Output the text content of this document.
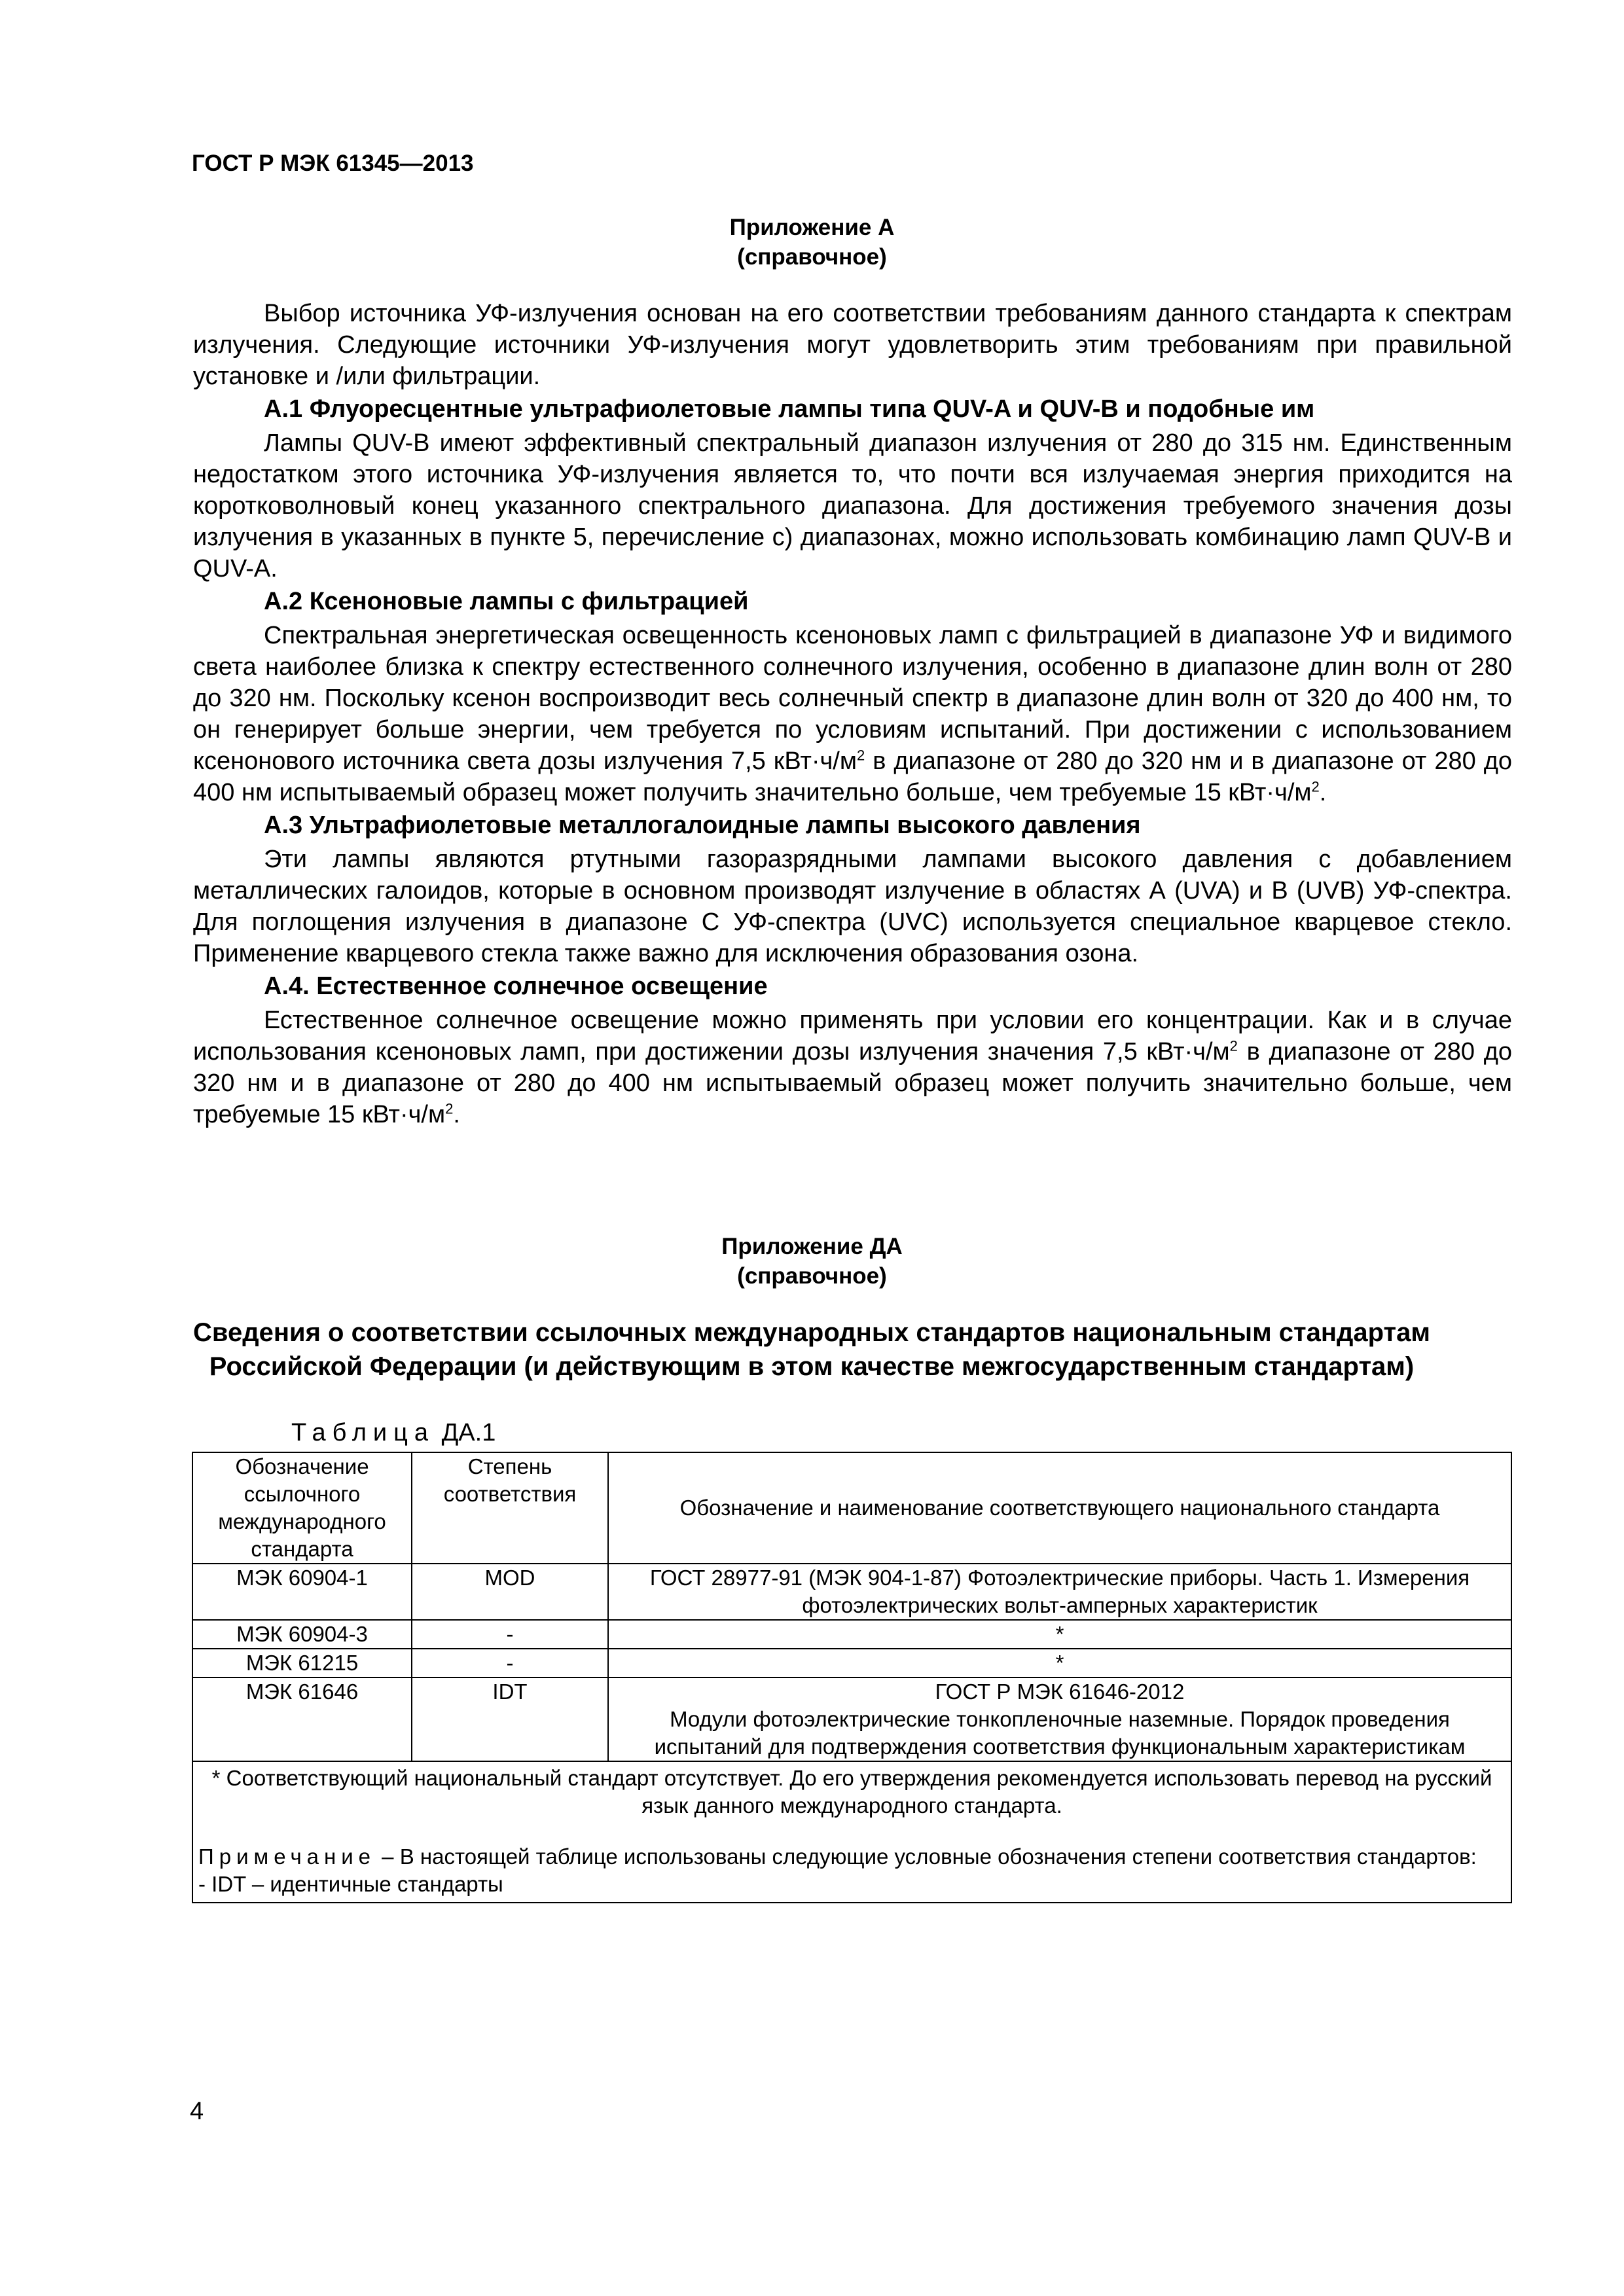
ГОСТ Р МЭК 61345—2013
Приложение А
(справочное)

Выбор источника УФ-излучения основан на его соответствии требованиям данного стандарта к спектрам излучения. Следующие источники УФ-излучения могут удовлетворить этим требованиям при правильной установке и /или фильтрации.

А.1 Флуоресцентные ультрафиолетовые лампы типа QUV-A и QUV-B и подобные им

Лампы QUV-B имеют эффективный спектральный диапазон излучения от 280 до 315 нм. Единственным недостатком этого источника УФ-излучения является то, что почти вся излучаемая энергия приходится на коротковолновый конец указанного спектрального диапазона. Для достижения требуемого значения дозы излучения в указанных в пункте 5, перечисление с) диапазонах, можно использовать комбинацию ламп QUV-B и QUV-A.

А.2 Ксеноновые лампы с фильтрацией

Спектральная энергетическая освещенность ксеноновых ламп с фильтрацией в диапазоне УФ и видимого света наиболее близка к спектру естественного солнечного излучения, особенно в диапазоне длин волн от 280 до 320 нм. Поскольку ксенон воспроизводит весь солнечный спектр в диапазоне длин волн от 320 до 400 нм, то он генерирует больше энергии, чем требуется по условиям испытаний. При достижении с использованием ксенонового источника света дозы излучения 7,5 $кВт\cdot ч/м^2$ в диапазоне от 280 до 320 нм и в диапазоне от 280 до 400 нм испытываемый образец может получить значительно больше, чем требуемые 15 $кВт\cdot ч/м^2$.

А.3 Ультрафиолетовые металлогалоидные лампы высокого давления

Эти лампы являются ртутными газоразрядными лампами высокого давления с добавлением металлических галоидов, которые в основном производят излучение в областях А (UVA) и В (UVB) УФ-спектра. Для поглощения излучения в диапазоне С УФ-спектра (UVC) используется специальное кварцевое стекло. Применение кварцевого стекла также важно для исключения образования озона.

А.4. Естественное солнечное освещение

Естественное солнечное освещение можно применять при условии его концентрации. Как и в случае использования ксеноновых ламп, при достижении дозы излучения значения 7,5 $кВт\cdot ч/м^2$ в диапазоне от 280 до 320 нм и в диапазоне от 280 до 400 нм испытываемый образец может получить значительно больше, чем требуемые 15 $кВт\cdot ч/м^2$.

Приложение ДА
(справочное)
Сведения о соответствии ссылочных международных стандартов национальным стандартам
Российской Федерации (и действующим в этом качестве межгосударственным стандартам)
Таблица ДА.1
Обозначение ссылочного международного стандарта	Степень соответствия	Обозначение и наименование соответствующего национального стандарта
МЭК 60904-1	MOD	ГОСТ 28977-91 (МЭК 904-1-87) Фотоэлектрические приборы. Часть 1. Измерения фотоэлектрических вольт-амперных характеристик
МЭК 60904-3	-	*
МЭК 61215	-	*
МЭК 61646	IDT	ГОСТ Р МЭК 61646-2012
Модули фотоэлектрические тонкопленочные наземные. Порядок проведения испытаний для подтверждения соответствия функциональным характеристикам

* Соответствующий национальный стандарт отсутствует. До его утверждения рекомендуется использовать перевод на русский язык данного международного стандарта.
Примечание – В настоящей таблице использованы следующие условные обозначения степени соответствия стандартов:
- IDT – идентичные стандарты		
4
